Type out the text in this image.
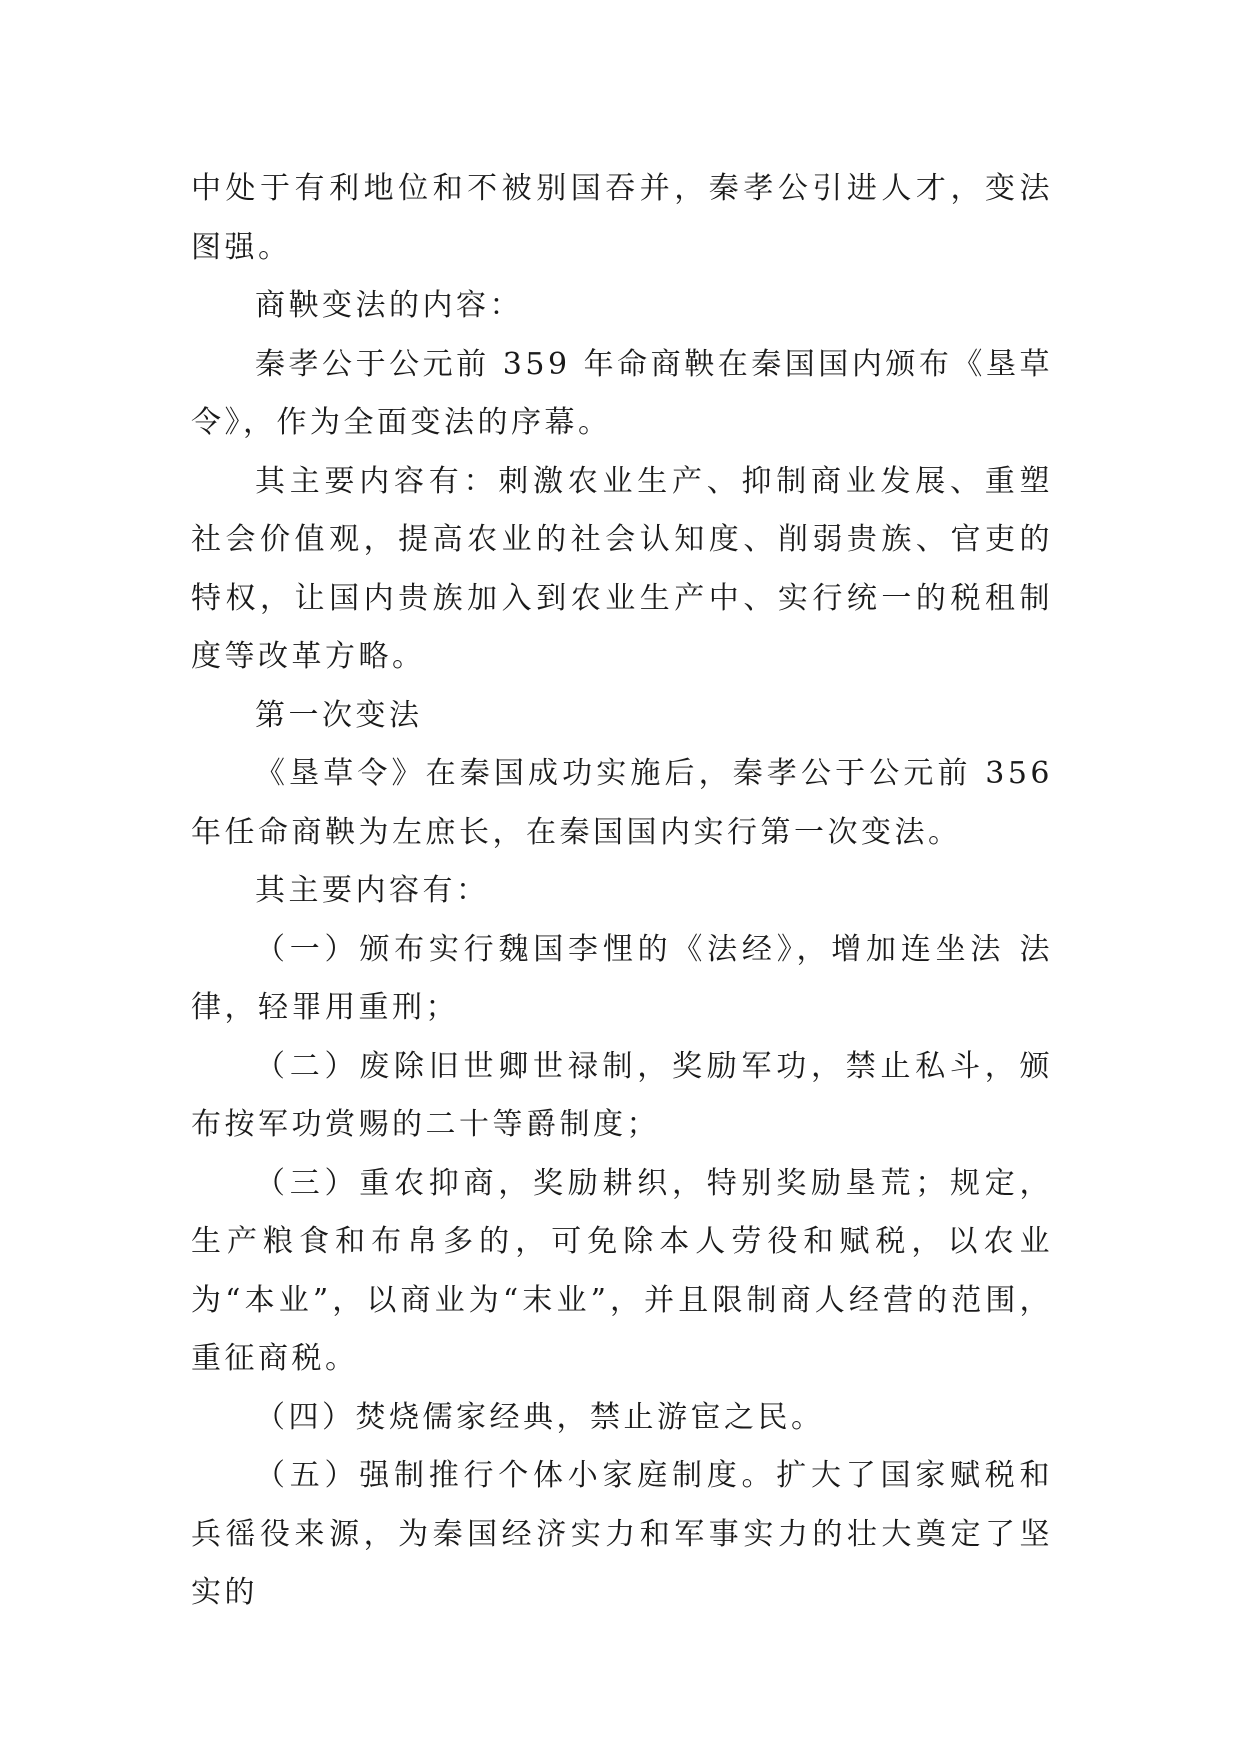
中处于有利地位和不被别国吞并，秦孝公引进人才，变法图强。

商鞅变法的内容：

秦孝公于公元前 359 年命商鞅在秦国国内颁布《垦草令》，作为全面变法的序幕。

其主要内容有：刺激农业生产、抑制商业发展、重塑社会价值观，提高农业的社会认知度、削弱贵族、官吏的特权，让国内贵族加入到农业生产中、实行统一的税租制度等改革方略。

第一次变法

《垦草令》在秦国成功实施后，秦孝公于公元前 356 年任命商鞅为左庶长，在秦国国内实行第一次变法。

其主要内容有：

（一）颁布实行魏国李悝的《法经》，增加连坐法 法律，轻罪用重刑；

（二）废除旧世卿世禄制，奖励军功，禁止私斗，颁布按军功赏赐的二十等爵制度；

（三）重农抑商，奖励耕织，特别奖励垦荒；规定，生产粮食和布帛多的，可免除本人劳役和赋税，以农业为“本业”，以商业为“末业”，并且限制商人经营的范围，重征商税。

（四）焚烧儒家经典，禁止游宦之民。

（五）强制推行个体小家庭制度。扩大了国家赋税和兵徭役来源，为秦国经济实力和军事实力的壮大奠定了坚实的
